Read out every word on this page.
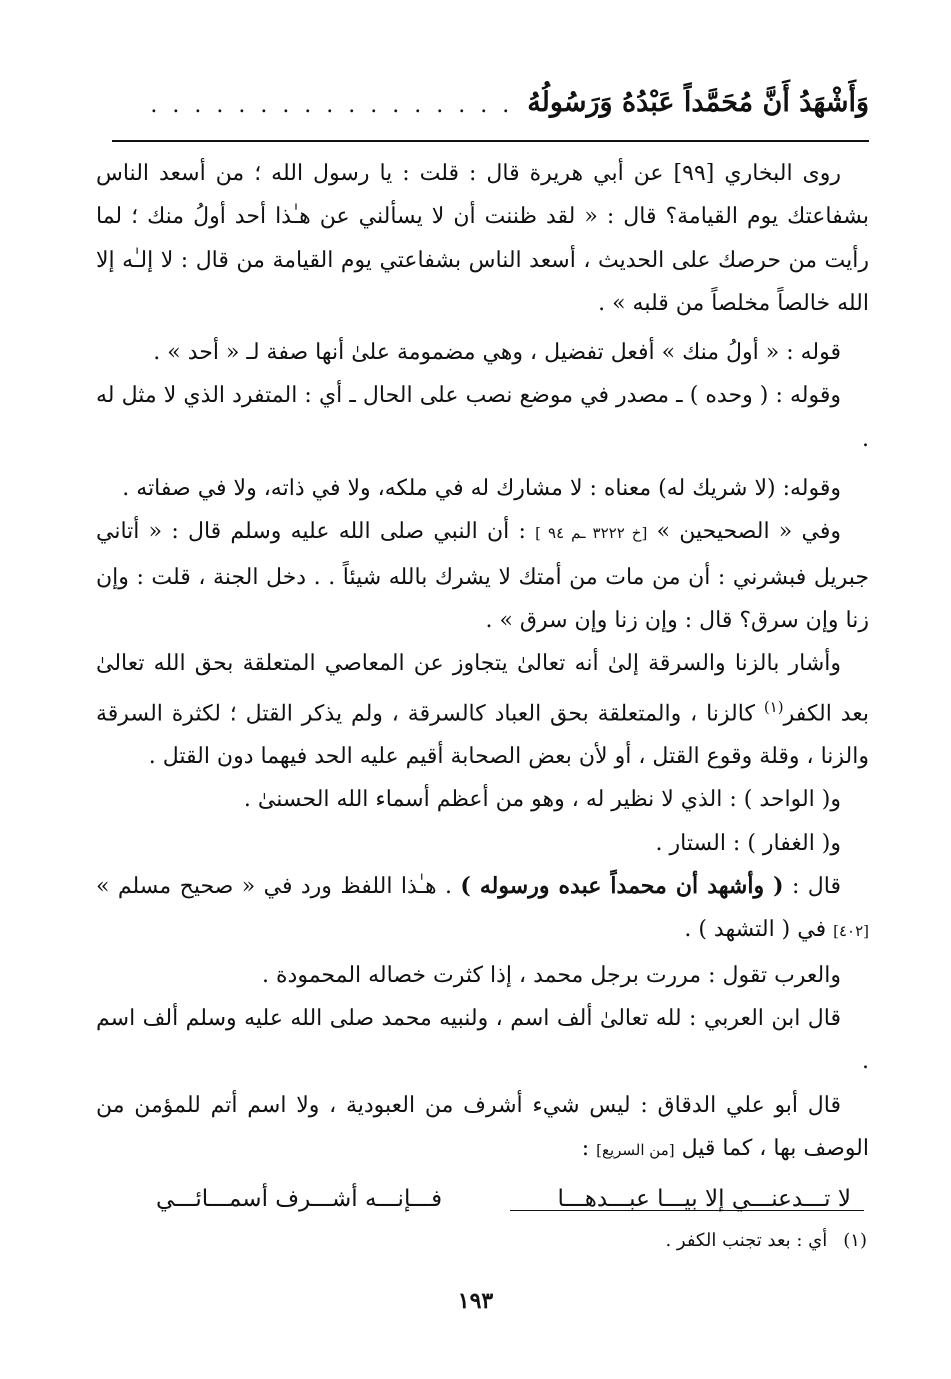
وَأَشْهَدُ أَنَّ مُحَمَّداً عَبْدُهُ وَرَسُولُهُ
. . . . . . . . . . . . . . . . .

روى البخاري [٩٩] عن أبي هريرة قال : قلت : يا رسول الله ؛ من أسعد الناس بشفاعتك يوم القيامة؟ قال : « لقد ظننت أن لا يسألني عن هـٰذا أحد أولُ منك ؛ لما رأيت من حرصك على الحديث ، أسعد الناس بشفاعتي يوم القيامة من قال : لا إلـٰه إلا الله خالصاً مخلصاً من قلبه » .

قوله : « أولُ منك » أفعل تفضيل ، وهي مضمومة علىٰ أنها صفة لـ « أحد » .

وقوله : ( وحده ) ـ مصدر في موضع نصب على الحال ـ أي : المتفرد الذي لا مثل له .

وقوله: (لا شريك له) معناه : لا مشارك له في ملكه، ولا في ذاته، ولا في صفاته .

وفي « الصحيحين » [خ ٣٢٢٢ ـم ٩٤ ] : أن النبي صلى الله عليه وسلم قال : « أتاني جبريل فبشرني : أن من مات من أمتك لا يشرك بالله شيئاً . . دخل الجنة ، قلت : وإن زنا وإن سرق؟ قال : وإن زنا وإن سرق » .

وأشار بالزنا والسرقة إلىٰ أنه تعالىٰ يتجاوز عن المعاصي المتعلقة بحق الله تعالىٰ بعد الكفر$^{(١)}$ كالزنا ، والمتعلقة بحق العباد كالسرقة ، ولم يذكر القتل ؛ لكثرة السرقة والزنا ، وقلة وقوع القتل ، أو لأن بعض الصحابة أقيم عليه الحد فيهما دون القتل .

و( الواحد ) : الذي لا نظير له ، وهو من أعظم أسماء الله الحسنىٰ .

و( الغفار ) : الستار .

قال : ( وأشهد أن محمداً عبده ورسوله ) . هـٰذا اللفظ ورد في « صحيح مسلم » [٤٠٢] في ( التشهد ) .

والعرب تقول : مررت برجل محمد ، إذا كثرت خصاله المحمودة .

قال ابن العربي : لله تعالىٰ ألف اسم ، ولنبيه محمد صلى الله عليه وسلم ألف اسم .

قال أبو علي الدقاق : ليس شيء أشرف من العبودية ، ولا اسم أتم للمؤمن من الوصف بها ، كما قيل [من السريع] :

لا تـــدعنـــي إلا بيـــا عبـــدهـــا
فـــإنـــه أشـــرف أسمـــائـــي
(١)أي : بعد تجنب الكفر .
١٩٣
